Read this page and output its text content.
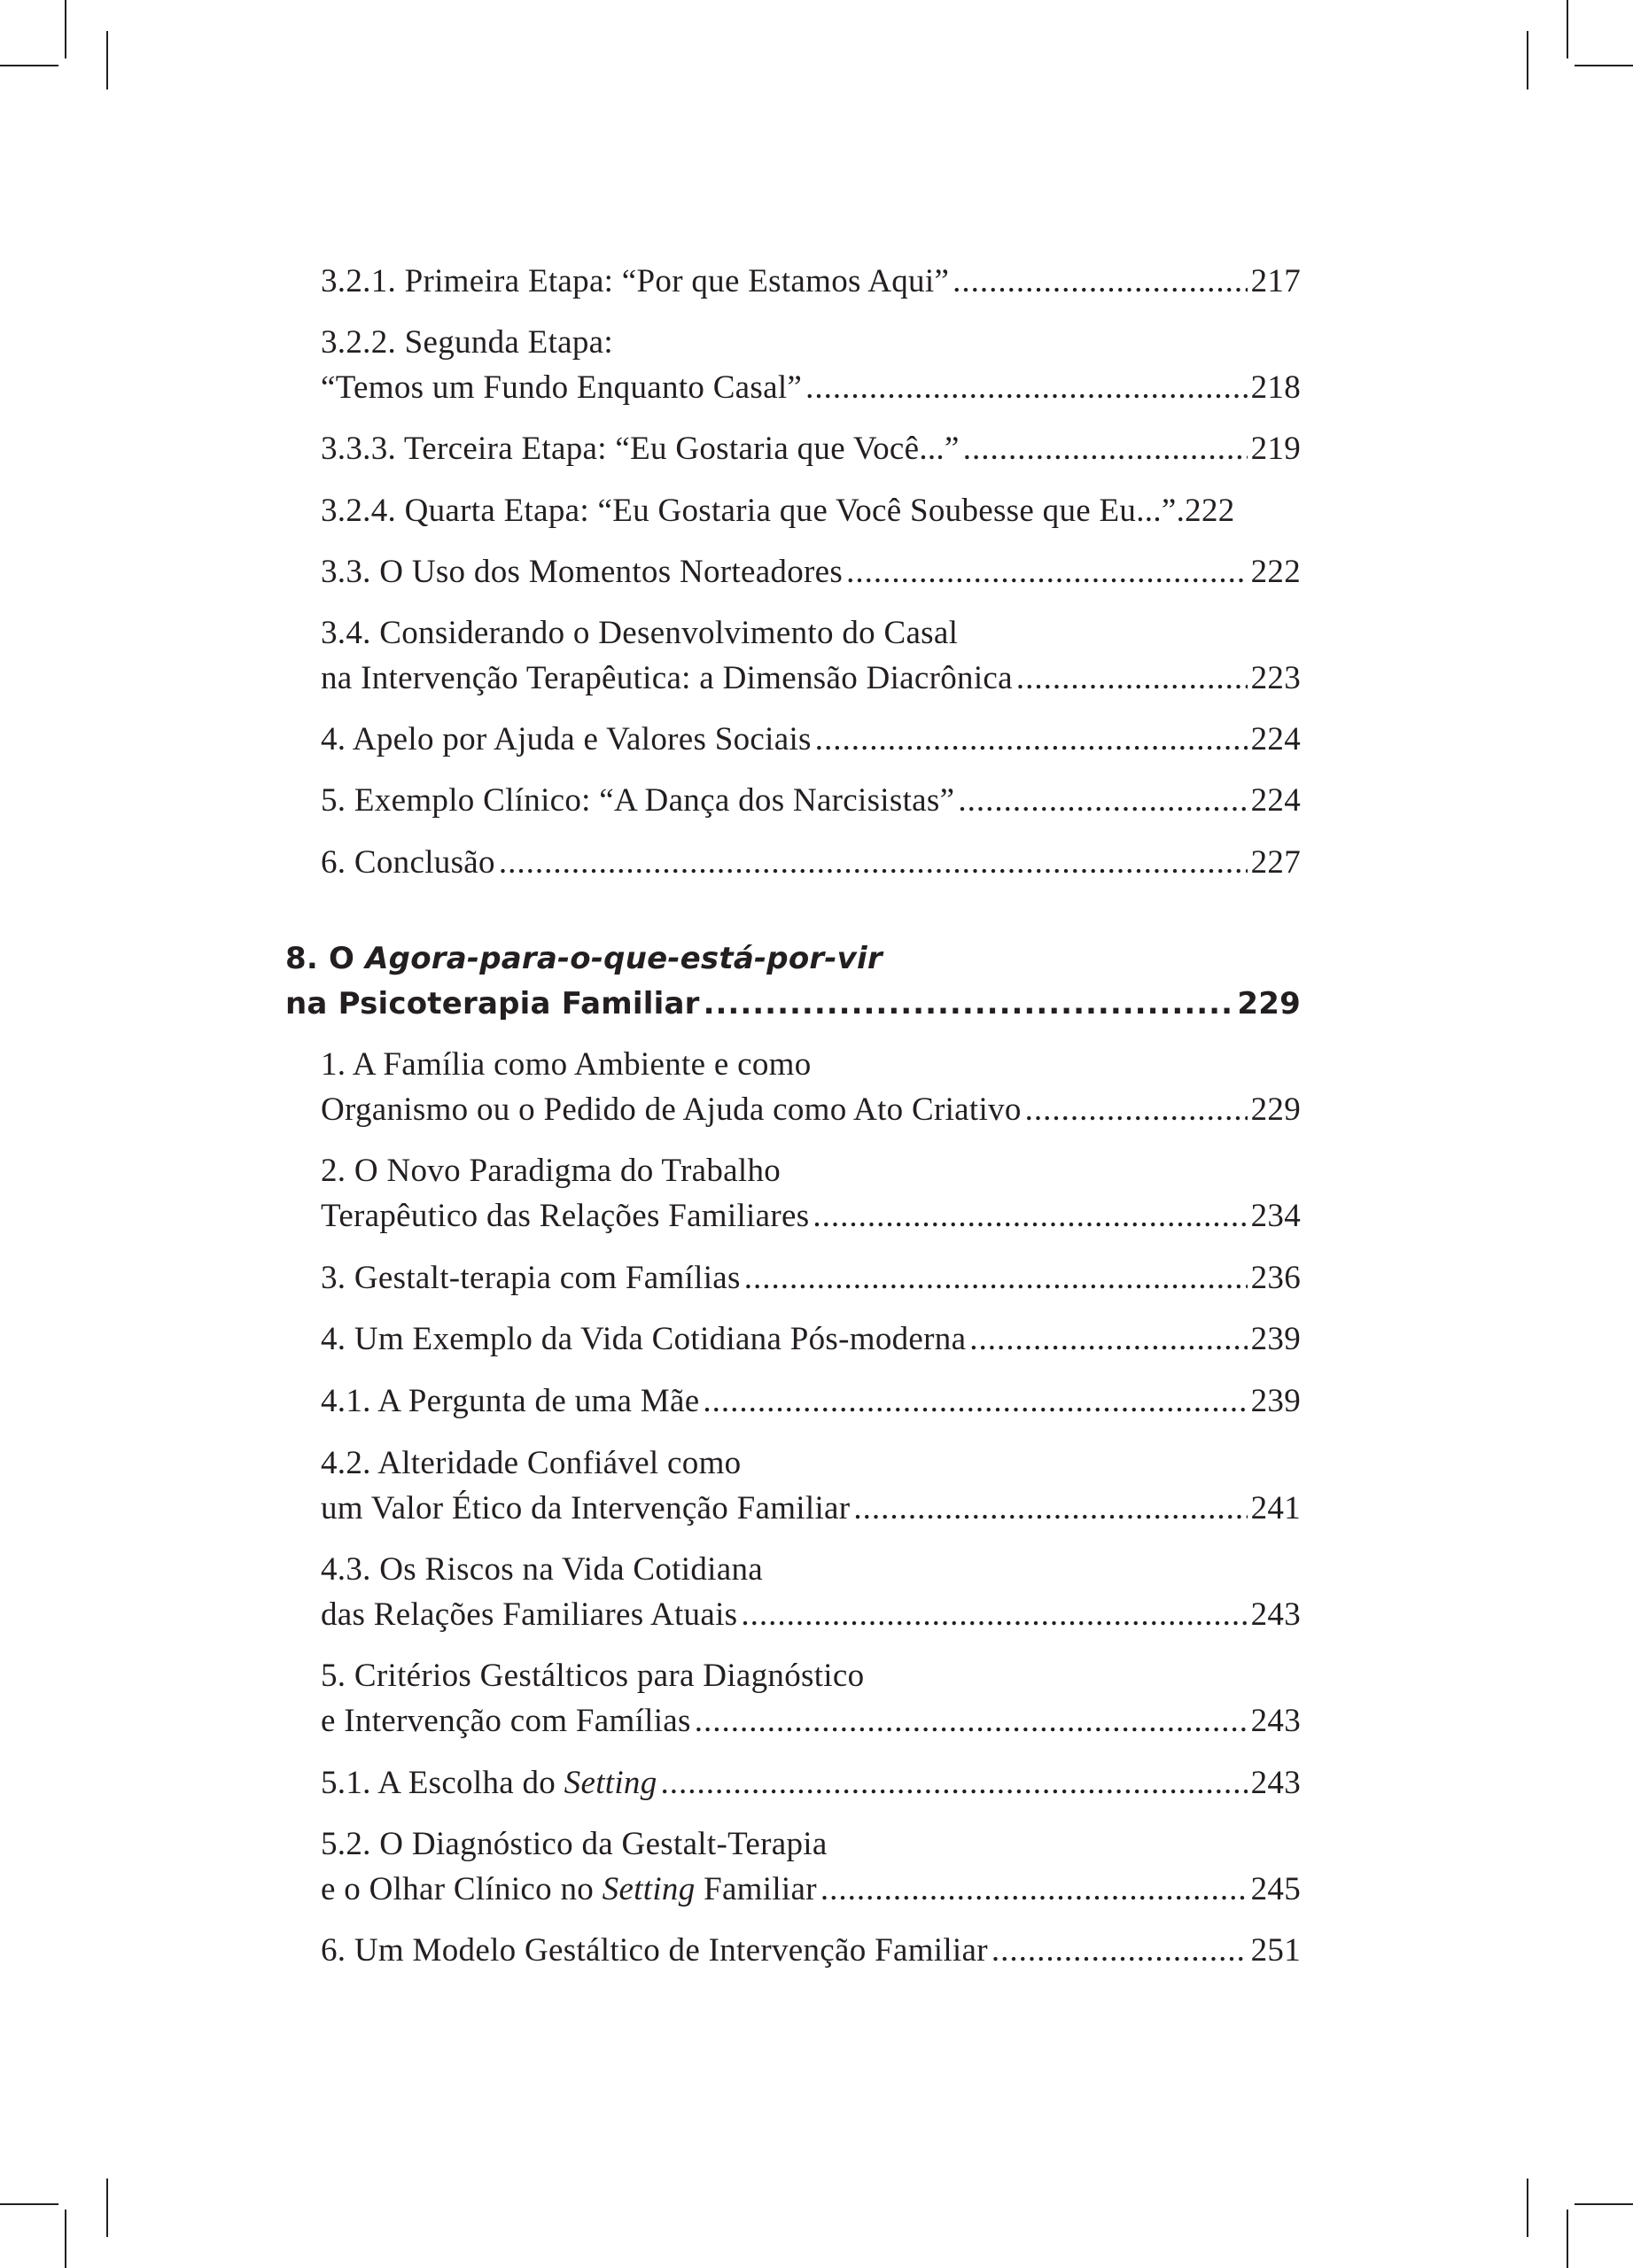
3.2.1. Primeira Etapa: “Por que Estamos Aqui” .....	217
3.2.2. Segunda Etapa:
“Temos um Fundo Enquanto Casal” .....	218
3.3.3. Terceira Etapa: “Eu Gostaria que Você...” .....	219
3.2.4. Quarta Etapa: “Eu Gostaria que Você Soubesse que Eu...”. 222
3.3. O Uso dos Momentos Norteadores .....	222
3.4. Considerando o Desenvolvimento do Casal
na Intervenção Terapêutica: a Dimensão Diacrônica .....	223
4. Apelo por Ajuda e Valores Sociais .....	224
5. Exemplo Clínico: “A Dança dos Narcisistas” .....	224
6. Conclusão .....	227
8. O Agora-para-o-que-está-por-vir
na Psicoterapia Familiar .....	229
1. A Família como Ambiente e como
Organismo ou o Pedido de Ajuda como Ato Criativo .....	229
2. O Novo Paradigma do Trabalho
Terapêutico das Relações Familiares .....	234
3. Gestalt-terapia com Famílias .....	236
4. Um Exemplo da Vida Cotidiana Pós-moderna .....	239
4.1. A Pergunta de uma Mãe .....	239
4.2. Alteridade Confiável como
um Valor Ético da Intervenção Familiar .....	241
4.3. Os Riscos na Vida Cotidiana
das Relações Familiares Atuais .....	243
5. Critérios Gestálticos para Diagnóstico
e Intervenção com Famílias .....	243
5.1. A Escolha do Setting .....	243
5.2. O Diagnóstico da Gestalt-Terapia
e o Olhar Clínico no Setting Familiar .....	245
6. Um Modelo Gestáltico de Intervenção Familiar .....	251
